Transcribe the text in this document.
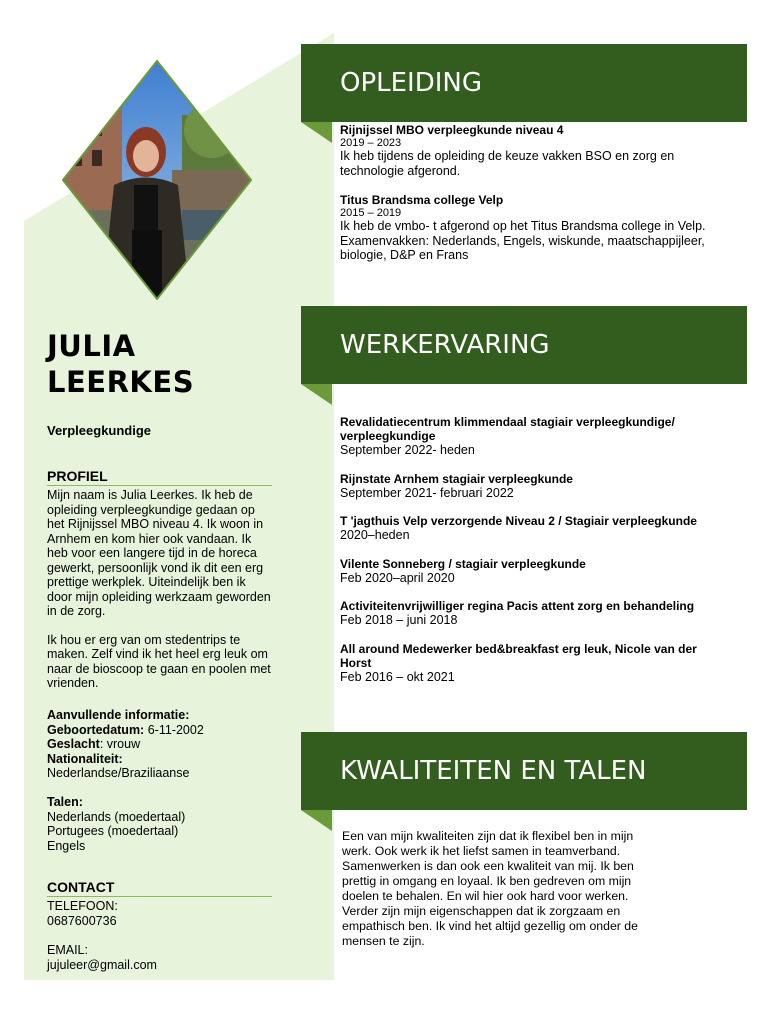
JULIA
LEERKES
Verpleegkundige
PROFIEL

Mijn naam is Julia Leerkes. Ik heb de opleiding verpleegkundige gedaan op het Rijnijssel MBO niveau 4. Ik woon in Arnhem en kom hier ook vandaan. Ik heb voor een langere tijd in de horeca gewerkt, persoonlijk vond ik dit een erg prettige werkplek. Uiteindelijk ben ik door mijn opleiding werkzaam geworden in de zorg.

Ik hou er erg van om stedentrips te maken. Zelf vind ik het heel erg leuk om naar de bioscoop te gaan en poolen met vrienden.

Aanvullende informatie:
Geboortedatum: 6-11-2002
Geslacht: vrouw
Nationaliteit:
Nederlandse/Braziliaanse
Talen:
Nederlands (moedertaal)
Portugees (moedertaal)
Engels
CONTACT
TELEFOON:
0687600736
EMAIL:
jujuleer@gmail.com
OPLEIDING
Rijnijssel MBO verpleegkunde niveau 4
2019 – 2023
Ik heb tijdens de opleiding de keuze vakken BSO en zorg en technologie afgerond.
Titus Brandsma college Velp
2015 – 2019
Ik heb de vmbo- t afgerond op het Titus Brandsma college in Velp. Examenvakken: Nederlands, Engels, wiskunde, maatschappijleer, biologie, D&P en Frans
WERKERVARING
Revalidatiecentrum klimmendaal stagiair verpleegkundige/ verpleegkundige
September 2022- heden
Rijnstate Arnhem stagiair verpleegkunde
September 2021- februari 2022
T 'jagthuis Velp verzorgende Niveau 2 / Stagiair verpleegkunde
2020–heden
Vilente Sonneberg / stagiair verpleegkunde
Feb 2020–april 2020
Activiteitenvrijwilliger regina Pacis attent zorg en behandeling
Feb 2018 – juni 2018
All around Medewerker bed&breakfast erg leuk, Nicole van der Horst
Feb 2016 – okt 2021
KWALITEITEN EN TALEN

Een van mijn kwaliteiten zijn dat ik flexibel ben in mijn werk. Ook werk ik het liefst samen in teamverband. Samenwerken is dan ook een kwaliteit van mij. Ik ben prettig in omgang en loyaal. Ik ben gedreven om mijn doelen te behalen. En wil hier ook hard voor werken. Verder zijn mijn eigenschappen dat ik zorgzaam en empathisch ben. Ik vind het altijd gezellig om onder de mensen te zijn.
